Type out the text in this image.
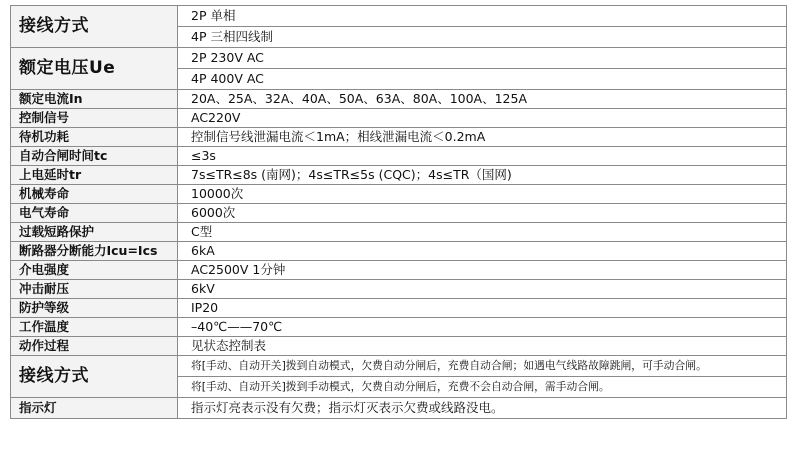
接线方式	2P 单相
	4P 三相四线制
额定电压Ue	2P 230V AC
	4P 400V AC
额定电流In	20A、25A、32A、40A、50A、63A、80A、100A、125A
控制信号	AC220V
待机功耗	控制信号线泄漏电流＜1mA；相线泄漏电流＜0.2mA
自动合闸时间tc	≤3s
上电延时tr	7s≤TR≤8s (南网)；4s≤TR≤5s (CQC)；4s≤TR（国网)
机械寿命	10000次
电气寿命	6000次
过载短路保护	C型
断路器分断能力Icu=Ics	6kA
介电强度	AC2500V 1分钟
冲击耐压	6kV
防护等级	IP20
工作温度	–40℃——70℃
动作过程	见状态控制表
接线方式	将[手动、自动开关]拨到自动模式，欠费自动分闸后，充费自动合闸；如遇电气线路故障跳闸，可手动合闸。
	将[手动、自动开关]拨到手动模式，欠费自动分闸后，充费不会自动合闸，需手动合闸。
指示灯	指示灯亮表示没有欠费；指示灯灭表示欠费或线路没电。
